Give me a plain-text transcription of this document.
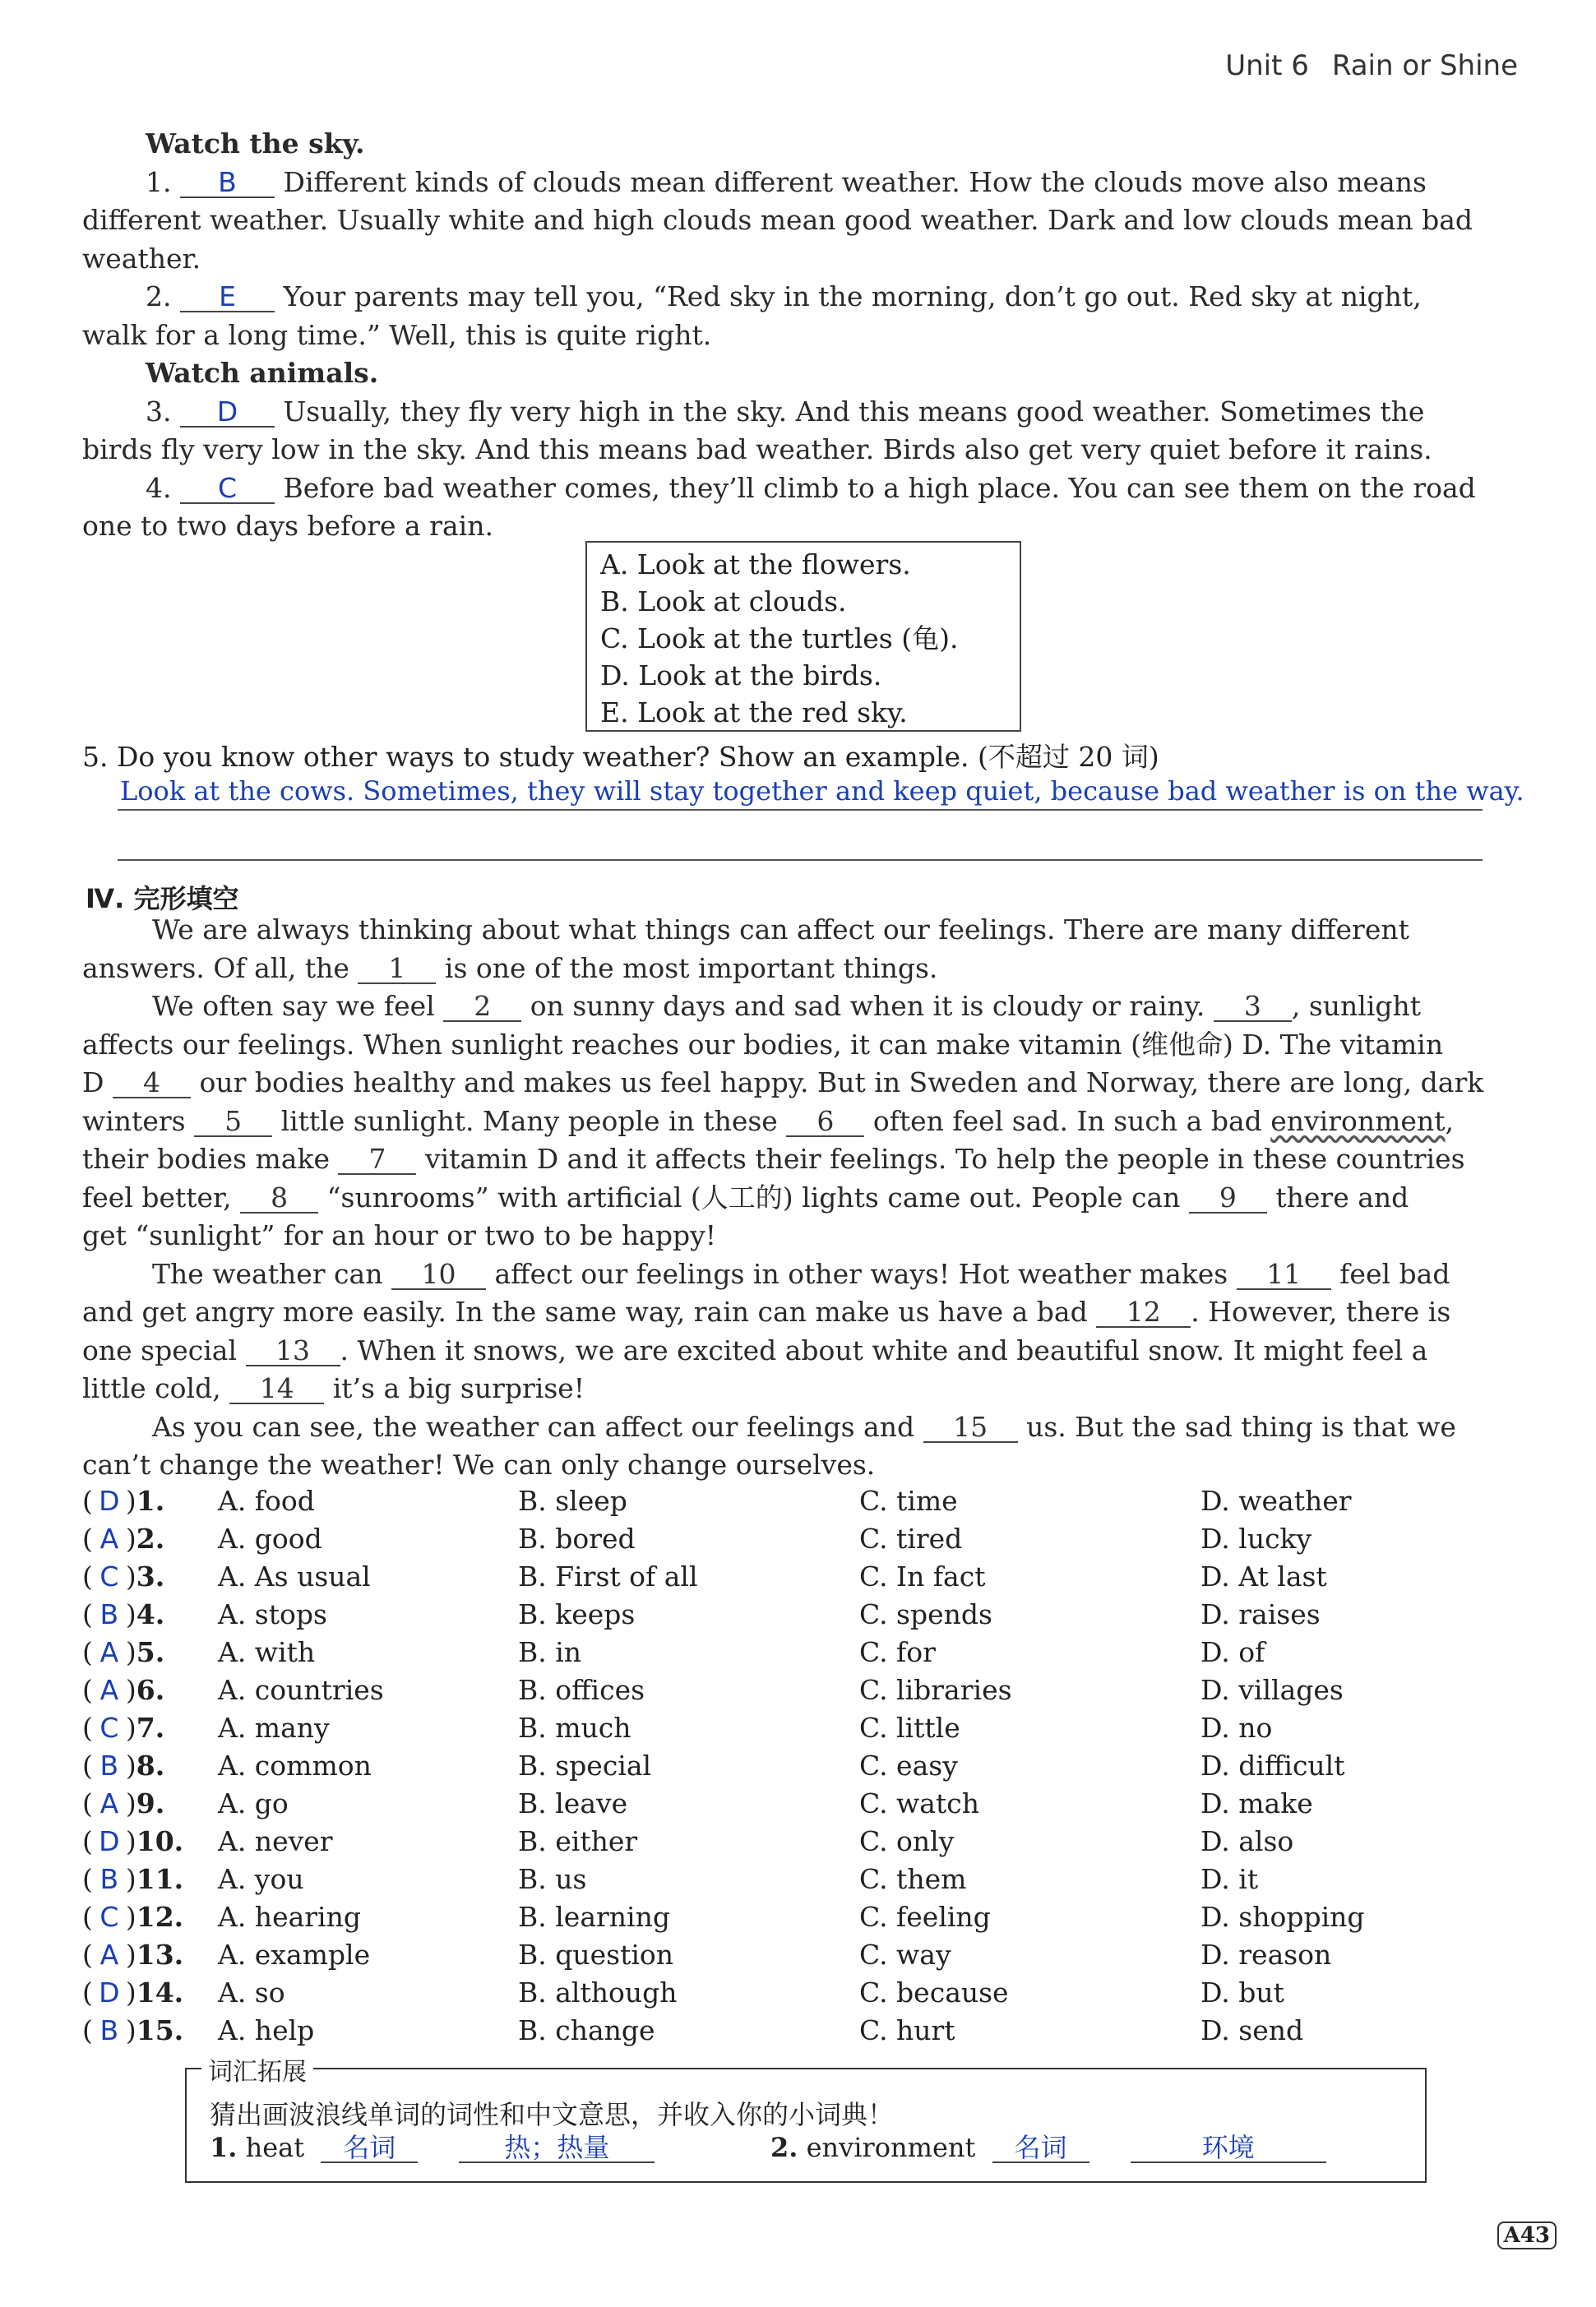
Unit 6 Rain or Shine
Watch the sky.
1. B Different kinds of clouds mean different weather. How the clouds move also means
different weather. Usually white and high clouds mean good weather. Dark and low clouds mean bad
weather.
2. E Your parents may tell you, “Red sky in the morning, don’t go out. Red sky at night,
walk for a long time.” Well, this is quite right.
Watch animals.
3. D Usually, they fly very high in the sky. And this means good weather. Sometimes the
birds fly very low in the sky. And this means bad weather. Birds also get very quiet before it rains.
4. C Before bad weather comes, they’ll climb to a high place. You can see them on the road
one to two days before a rain.
A. Look at the flowers.
B. Look at clouds.
C. Look at the turtles (龟).
D. Look at the birds.
E. Look at the red sky.
5. Do you know other ways to study weather? Show an example. (不超过 20 词)
Look at the cows. Sometimes, they will stay together and keep quiet, because bad weather is on the way.
Ⅳ. 完形填空
We are always thinking about what things can affect our feelings. There are many different
answers. Of all, the 1 is one of the most important things.
We often say we feel 2 on sunny days and sad when it is cloudy or rainy. 3 , sunlight
affects our feelings. When sunlight reaches our bodies, it can make vitamin (维他命) D. The vitamin
D 4 our bodies healthy and makes us feel happy. But in Sweden and Norway, there are long, dark
winters 5 little sunlight. Many people in these 6 often feel sad. In such a bad environment,
their bodies make 7 vitamin D and it affects their feelings. To help the people in these countries
feel better, 8 “sunrooms” with artificial (人工的) lights came out. People can 9 there and
get “sunlight” for an hour or two to be happy!
The weather can 10 affect our feelings in other ways! Hot weather makes 11 feel bad
and get angry more easily. In the same way, rain can make us have a bad 12 . However, there is
one special 13 . When it snows, we are excited about white and beautiful snow. It might feel a
little cold, 14 it’s a big surprise!
As you can see, the weather can affect our feelings and 15 us. But the sad thing is that we
can’t change the weather! We can only change ourselves.
( D )1. A. food	B. sleep	C. time	D. weather
( A )2. A. good	B. bored	C. tired	D. lucky
( C )3. A. As usual	B. First of all	C. In fact	D. At last
( B )4. A. stops	B. keeps	C. spends	D. raises
( A )5. A. with	B. in	C. for	D. of
( A )6. A. countries	B. offices	C. libraries	D. villages
( C )7. A. many	B. much	C. little	D. no
( B )8. A. common	B. special	C. easy	D. difficult
( A )9. A. go	B. leave	C. watch	D. make
( D )10. A. never	B. either	C. only	D. also
( B )11. A. you	B. us	C. them	D. it
( C )12. A. hearing	B. learning	C. feeling	D. shopping
( A )13. A. example	B. question	C. way	D. reason
( D )14. A. so	B. although	C. because	D. but
( B )15. A. help	B. change	C. hurt	D. send
词汇拓展
猜出画波浪线单词的词性和中文意思，并收入你的小词典！
1. heat 名词	热；热量	2. environment 名词	环境
A43
